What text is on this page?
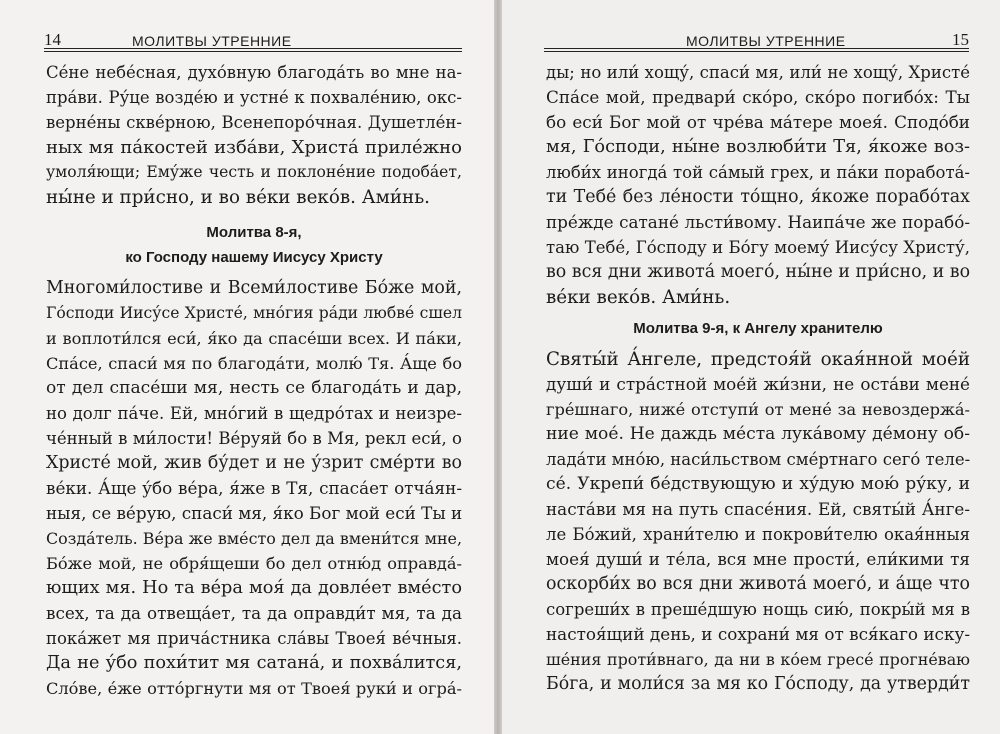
14	МОЛИТВЫ УТРЕННИЕ
Се́не небе́сная, духо́вную благода́ть во мне на-
пра́ви. Ру́це возде́ю и устне́ к похвале́нию, окс-
верне́ны скве́рною, Всенепоро́чная. Душетле́н-
ных мя па́костей изба́ви, Христа́ приле́жно
умоля́ющи; Ему́же честь и поклоне́ние подоба́ет,
ны́не и при́сно, и во ве́ки веко́в. Ами́нь.
Молитва 8-я,
ко Господу нашему Иисусу Христу
Многоми́лостиве и Всеми́лостиве Бо́же мой,
Го́споди Иису́се Христе́, мно́гия ра́ди любве́ сшел
и воплоти́лся еси́, я́ко да спасе́ши всех. И па́ки,
Спа́се, спаси́ мя по благода́ти, молю́ Тя. А́ще бо
от дел спасе́ши мя, несть се благода́ть и дар,
но долг па́че. Ей, мно́гий в щедро́тах и неизре-
че́нный в ми́лости! Ве́руяй бо в Мя, рекл еси́, о
Христе́ мой, жив бу́дет и не у́зрит сме́рти во
ве́ки. А́ще у́бо ве́ра, я́же в Тя, спаса́ет отча́ян-
ныя, се ве́рую, спаси́ мя, я́ко Бог мой еси́ Ты и
Созда́тель. Ве́ра же вме́сто дел да вмени́тся мне,
Бо́же мой, не обря́щеши бо дел отню́д оправда́-
ющих мя. Но та ве́ра моя́ да довле́ет вме́сто
всех, та да отвеща́ет, та да оправди́т мя, та да
пока́жет мя прича́стника сла́вы Твоея́ ве́чныя.
Да не у́бо похи́тит мя сатана́, и похва́лится,
Сло́ве, е́же отто́ргнути мя от Твоея́ руки́ и огра́-
МОЛИТВЫ УТРЕННИЕ	15
ды; но или́ хощу́, спаси́ мя, или́ не хощу́, Христе́
Спа́се мой, предвари́ ско́ро, ско́ро погибо́х: Ты
бо еси́ Бог мой от чре́ва ма́тере моея́. Сподо́би
мя, Го́споди, ны́не возлюби́ти Тя, я́коже воз-
люби́х иногда́ той са́мый грех, и па́ки поработа́-
ти Тебе́ без ле́ности то́щно, я́коже порабо́тах
пре́жде сатане́ льсти́вому. Наипа́че же порабо́-
таю Тебе́, Го́споду и Бо́гу моему́ Иису́су Христу́,
во вся дни живота́ моего́, ны́не и при́сно, и во
ве́ки веко́в. Ами́нь.
Молитва 9-я, к Ангелу хранителю
Святы́й А́нгеле, предстоя́й окая́нной мое́й
души́ и стра́стной мое́й жи́зни, не оста́ви мене́
гре́шнаго, ниже́ отступи́ от мене́ за невоздержа́-
ние мое́. Не даждь ме́ста лука́вому де́мону об-
лада́ти мно́ю, наси́льством сме́ртнаго сего́ теле-
се́. Укрепи́ бе́дствующую и ху́дую мою́ ру́ку, и
наста́ви мя на путь спасе́ния. Ей, святы́й А́нге-
ле Бо́жий, храни́телю и покрови́телю окая́нныя
моея́ души́ и те́ла, вся мне прости́, ели́кими тя
оскорби́х во вся дни живота́ моего́, и а́ще что
согреши́х в преше́дшую нощь сию́, покры́й мя в
настоя́щий день, и сохрани́ мя от вся́каго иску-
ше́ния проти́внаго, да ни в ко́ем гресе́ прогне́ваю
Бо́га, и моли́ся за мя ко Го́споду, да утверди́т
